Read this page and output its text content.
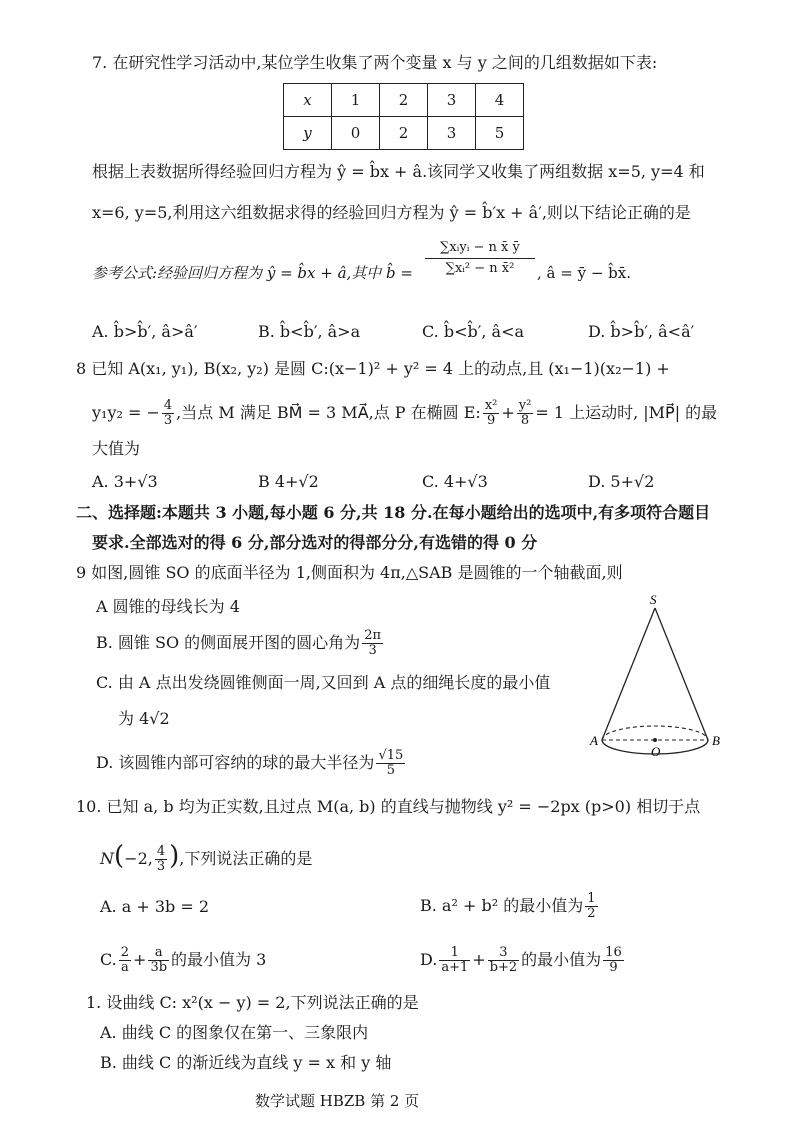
7. 在研究性学习活动中,某位学生收集了两个变量 x 与 y 之间的几组数据如下表:
x	1	2	3	4
y	0	2	3	5
根据上表数据所得经验回归方程为 ŷ = b̂x + â.该同学又收集了两组数据 x=5, y=4 和
x=6, y=5,利用这六组数据求得的经验回归方程为 ŷ = b̂′x + â′,则以下结论正确的是
参考公式:经验回归方程为 ŷ = b̂x + â,其中 b̂ =
∑xᵢyᵢ − n x̄ ȳ
∑xᵢ² − n x̄²	, â = ȳ − b̂x̄.
A. b̂>b̂′, â>â′	B. b̂<b̂′, â>a	C. b̂<b̂′, â<a	D. b̂>b̂′, â<â′
8 已知 A(x₁, y₁), B(x₂, y₂) 是圆 C:(x−1)² + y² = 4 上的动点,且 (x₁−1)(x₂−1) +
y₁y₂ = − $\frac{4}{3}$ ,当点 M 满足 BM⃗ = 3 MA⃗,点 P 在椭圆 E: $\frac{\text{x²}}{9} + \frac{\text{y²}}{8} = 1$ 上运动时, |MP⃗| 的最
大值为
A. 3+√3	B 4+√2	C. 4+√3	D. 5+√2
二、选择题:本题共 3 小题,每小题 6 分,共 18 分.在每小题给出的选项中,有多项符合题目
要求.全部选对的得 6 分,部分选对的得部分分,有选错的得 0 分
9 如图,圆锥 SO 的底面半径为 1,侧面积为 4π,△SAB 是圆锥的一个轴截面,则
A 圆锥的母线长为 4
B. 圆锥 SO 的侧面展开图的圆心角为 $\frac{2\pi}{3}$
C. 由 A 点出发绕圆锥侧面一周,又回到 A 点的细绳长度的最小值
为 4√2
D. 该圆锥内部可容纳的球的最大半径为 $\frac{√15}{5}$
S
A
O
B
10. 已知 a, b 均为正实数,且过点 M(a, b) 的直线与抛物线 y² = −2px (p>0) 相切于点
N(−2, $\frac{4}{3}$ ),下列说法正确的是
A. a + 3b = 2	B. a² + b² 的最小值为 $\frac{1}{2}$
C. $\frac{2}{a} + \frac{a}{3b}$ 的最小值为 3	D. $\frac{1}{a+1} + \frac{3}{b+2}$ 的最小值为 $\frac{16}{9}$
1. 设曲线 C: x²(x − y) = 2,下列说法正确的是
A. 曲线 C 的图象仅在第一、三象限内
B. 曲线 C 的渐近线为直线 y = x 和 y 轴
数学试题 HBZB 第 2 页
